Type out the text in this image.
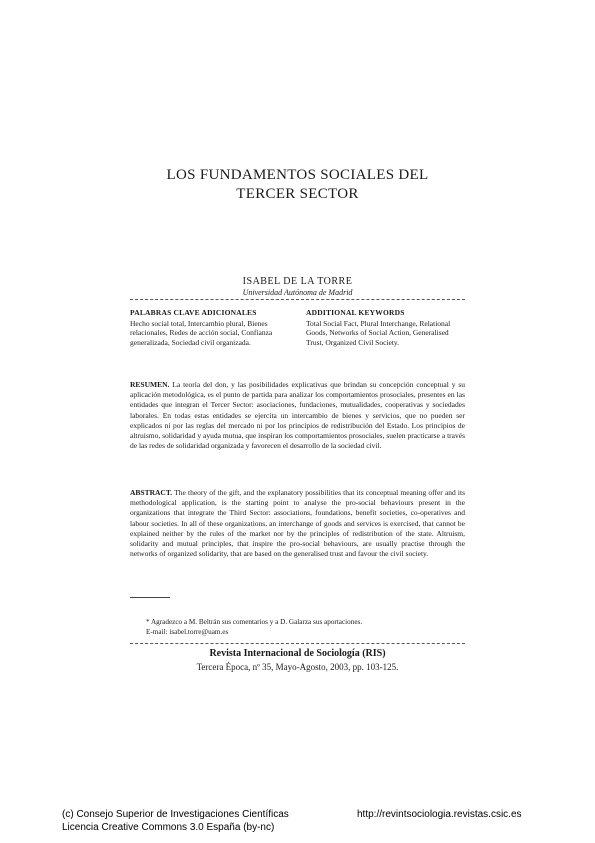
LOS FUNDAMENTOS SOCIALES DEL
TERCER SECTOR
ISABEL DE LA TORRE
Universidad Autónoma de Madrid
PALABRAS CLAVE ADICIONALES
Hecho social total, Intercambio plural, Bienes relacionales, Redes de acción social, Confianza generalizada, Sociedad civil organizada.
ADDITIONAL KEYWORDS
Total Social Fact, Plural Interchange, Relational Goods, Networks of Social Action, Generalised Trust, Organized Civil Society.
RESUMEN. La teoría del don, y las posibilidades explicativas que brindan su concepción conceptual y su aplicación metodológica, es el punto de partida para analizar los comportamientos prosociales, presentes en las entidades que integran el Tercer Sector: asociaciones, fundaciones, mutualidades, cooperativas y sociedades laborales. En todas estas entidades se ejercita un intercambio de bienes y servicios, que no pueden ser explicados ni por las reglas del mercado ni por los principios de redistribución del Estado. Los principios de altruismo, solidaridad y ayuda mutua, que inspiran los comportamientos prosociales, suelen practicarse a través de las redes de solidaridad organizada y favorecen el desarrollo de la sociedad civil.
ABSTRACT. The theory of the gift, and the explanatory possibilities that its conceptual meaning offer and its methodological application, is the starting point to analyse the pro-social behaviours present in the organizations that integrate the Third Sector: associations, foundations, benefit societies, co-operatives and labour societies. In all of these organizations, an interchange of goods and services is exercised, that cannot be explained neither by the rules of the market nor by the principles of redistribution of the state. Altruism, solidarity and mutual principles, that inspire the pro-social behaviours, are usually practise through the networks of organized solidarity, that are based on the generalised trust and favour the civil society.
* Agradezco a M. Beltrán sus comentarios y a D. Galarza sus aportaciones.
E-mail: isabel.torre@uam.es
Revista Internacional de Sociología (RIS)
Tercera Época, nº 35, Mayo-Agosto, 2003, pp. 103-125.
(c) Consejo Superior de Investigaciones Científicas
Licencia Creative Commons 3.0 España (by-nc)
http://revintsociologia.revistas.csic.es
